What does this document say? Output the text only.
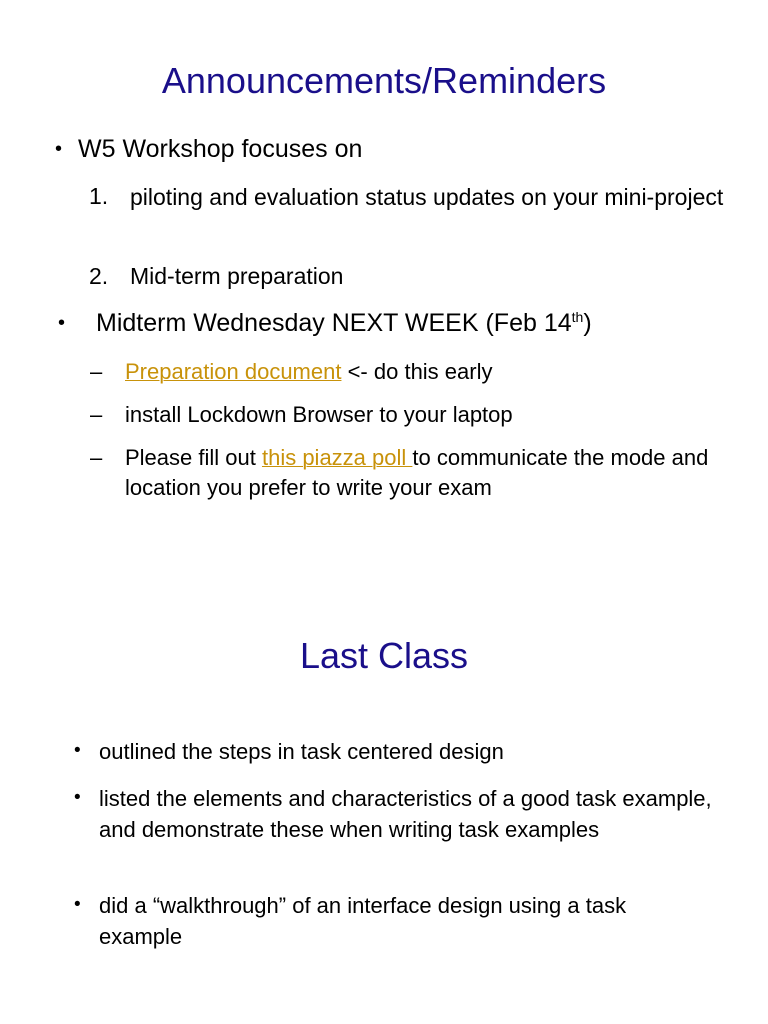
Announcements/Reminders
• W5 Workshop focuses on
1. piloting and evaluation status updates on your mini-project
2. Mid-term preparation
• Midterm Wednesday NEXT WEEK (Feb 14th)
– Preparation document <- do this early
– install Lockdown Browser to your laptop
– Please fill out this piazza poll to communicate the mode and location you prefer to write your exam
Last Class
• outlined the steps in task centered design
• listed the elements and characteristics of a good task example, and demonstrate these when writing task examples
• did a “walkthrough” of an interface design using a task example
